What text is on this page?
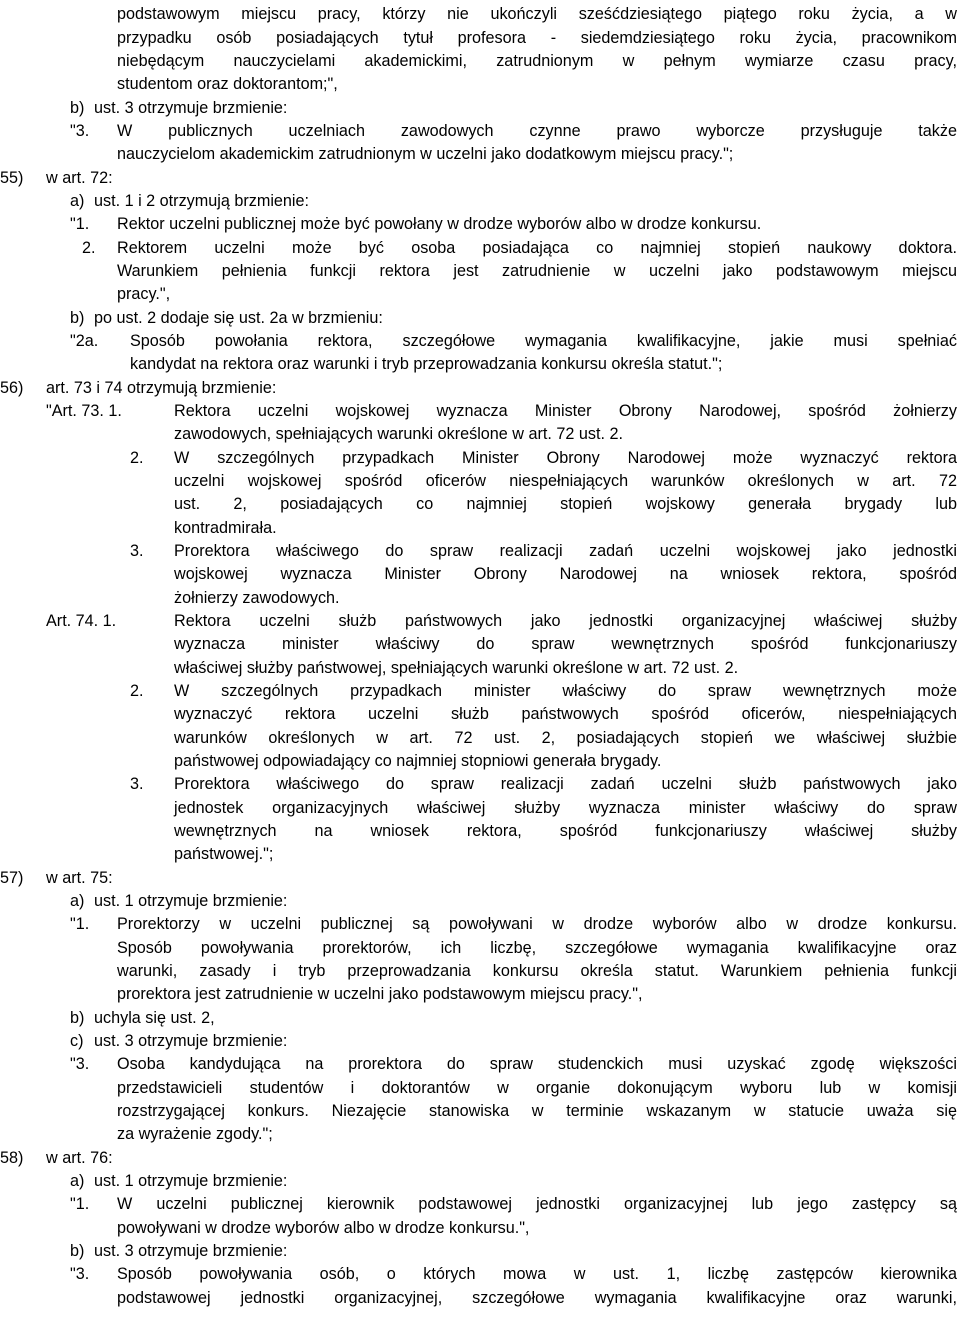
podstawowym miejscu pracy, którzy nie ukończyli sześćdziesiątego piątego roku życia, a w
przypadku osób posiadających tytuł profesora - siedemdziesiątego roku życia, pracownikom
niebędącym nauczycielami akademickimi, zatrudnionym w pełnym wymiarze czasu pracy,
studentom oraz doktorantom;",
b) ust. 3 otrzymuje brzmienie:
"3. W publicznych uczelniach zawodowych czynne prawo wyborcze przysługuje także
nauczycielom akademickim zatrudnionym w uczelni jako dodatkowym miejscu pracy.";
55) w art. 72:
a) ust. 1 i 2 otrzymują brzmienie:
"1. Rektor uczelni publicznej może być powołany w drodze wyborów albo w drodze konkursu.
2. Rektorem uczelni może być osoba posiadająca co najmniej stopień naukowy doktora.
Warunkiem pełnienia funkcji rektora jest zatrudnienie w uczelni jako podstawowym miejscu
pracy.",
b) po ust. 2 dodaje się ust. 2a w brzmieniu:
"2a. Sposób powołania rektora, szczegółowe wymagania kwalifikacyjne, jakie musi spełniać
kandydat na rektora oraz warunki i tryb przeprowadzania konkursu określa statut.";
56) art. 73 i 74 otrzymują brzmienie:
"Art. 73. 1.	Rektora uczelni wojskowej wyznacza Minister Obrony Narodowej, spośród żołnierzy
zawodowych, spełniających warunki określone w art. 72 ust. 2.
2. W szczególnych przypadkach Minister Obrony Narodowej może wyznaczyć rektora
uczelni wojskowej spośród oficerów niespełniających warunków określonych w art. 72
ust. 2, posiadających co najmniej stopień wojskowy generała brygady lub
kontradmirała.
3. Prorektora właściwego do spraw realizacji zadań uczelni wojskowej jako jednostki
wojskowej wyznacza Minister Obrony Narodowej na wniosek rektora, spośród
żołnierzy zawodowych.
Art. 74. 1.	Rektora uczelni służb państwowych jako jednostki organizacyjnej właściwej służby
wyznacza minister właściwy do spraw wewnętrznych spośród funkcjonariuszy
właściwej służby państwowej, spełniających warunki określone w art. 72 ust. 2.
2. W szczególnych przypadkach minister właściwy do spraw wewnętrznych może
wyznaczyć rektora uczelni służb państwowych spośród oficerów, niespełniających
warunków określonych w art. 72 ust. 2, posiadających stopień we właściwej służbie
państwowej odpowiadający co najmniej stopniowi generała brygady.
3. Prorektora właściwego do spraw realizacji zadań uczelni służb państwowych jako
jednostek organizacyjnych właściwej służby wyznacza minister właściwy do spraw
wewnętrznych na wniosek rektora, spośród funkcjonariuszy właściwej służby
państwowej.";
57) w art. 75:
a) ust. 1 otrzymuje brzmienie:
"1. Prorektorzy w uczelni publicznej są powoływani w drodze wyborów albo w drodze konkursu.
Sposób powoływania prorektorów, ich liczbę, szczegółowe wymagania kwalifikacyjne oraz
warunki, zasady i tryb przeprowadzania konkursu określa statut. Warunkiem pełnienia funkcji
prorektora jest zatrudnienie w uczelni jako podstawowym miejscu pracy.",
b) uchyla się ust. 2,
c) ust. 3 otrzymuje brzmienie:
"3. Osoba kandydująca na prorektora do spraw studenckich musi uzyskać zgodę większości
przedstawicieli studentów i doktorantów w organie dokonującym wyboru lub w komisji
rozstrzygającej konkurs. Niezajęcie stanowiska w terminie wskazanym w statucie uważa się
za wyrażenie zgody.";
58) w art. 76:
a) ust. 1 otrzymuje brzmienie:
"1. W uczelni publicznej kierownik podstawowej jednostki organizacyjnej lub jego zastępcy są
powoływani w drodze wyborów albo w drodze konkursu.",
b) ust. 3 otrzymuje brzmienie:
"3. Sposób powoływania osób, o których mowa w ust. 1, liczbę zastępców kierownika
podstawowej jednostki organizacyjnej, szczegółowe wymagania kwalifikacyjne oraz warunki,
